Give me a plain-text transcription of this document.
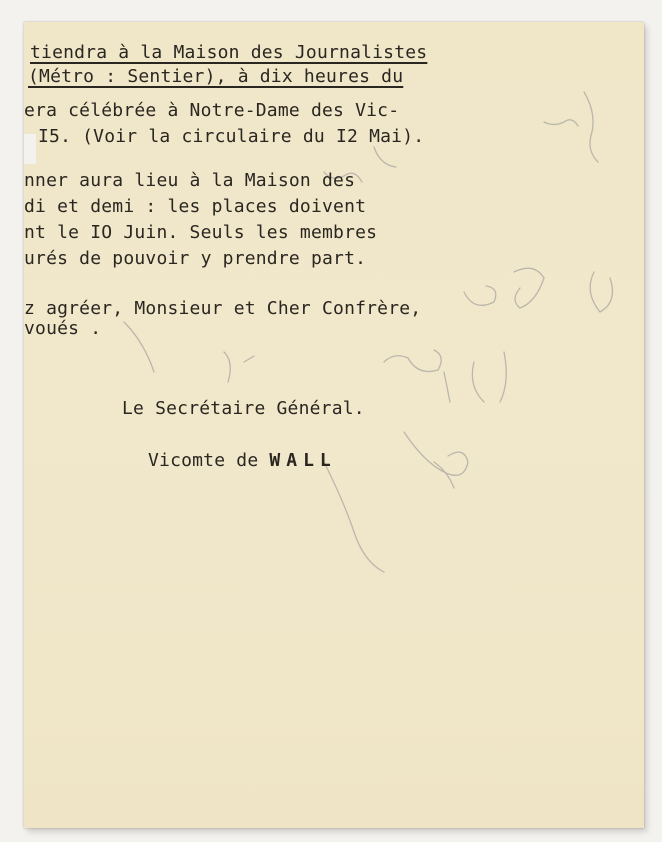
tiendra à la Maison des Journalistes
(Métro : Sentier), à dix heures du
era célébrée à Notre-Dame des Vic-
I5. (Voir la circulaire du I2 Mai).
nner aura lieu à la Maison des
di et demi : les places doivent
nt le IO Juin. Seuls les membres
urés de pouvoir y prendre part.
z agréer, Monsieur et Cher Confrère,
voués .
Le Secrétaire Général.
Vicomte de WALL
